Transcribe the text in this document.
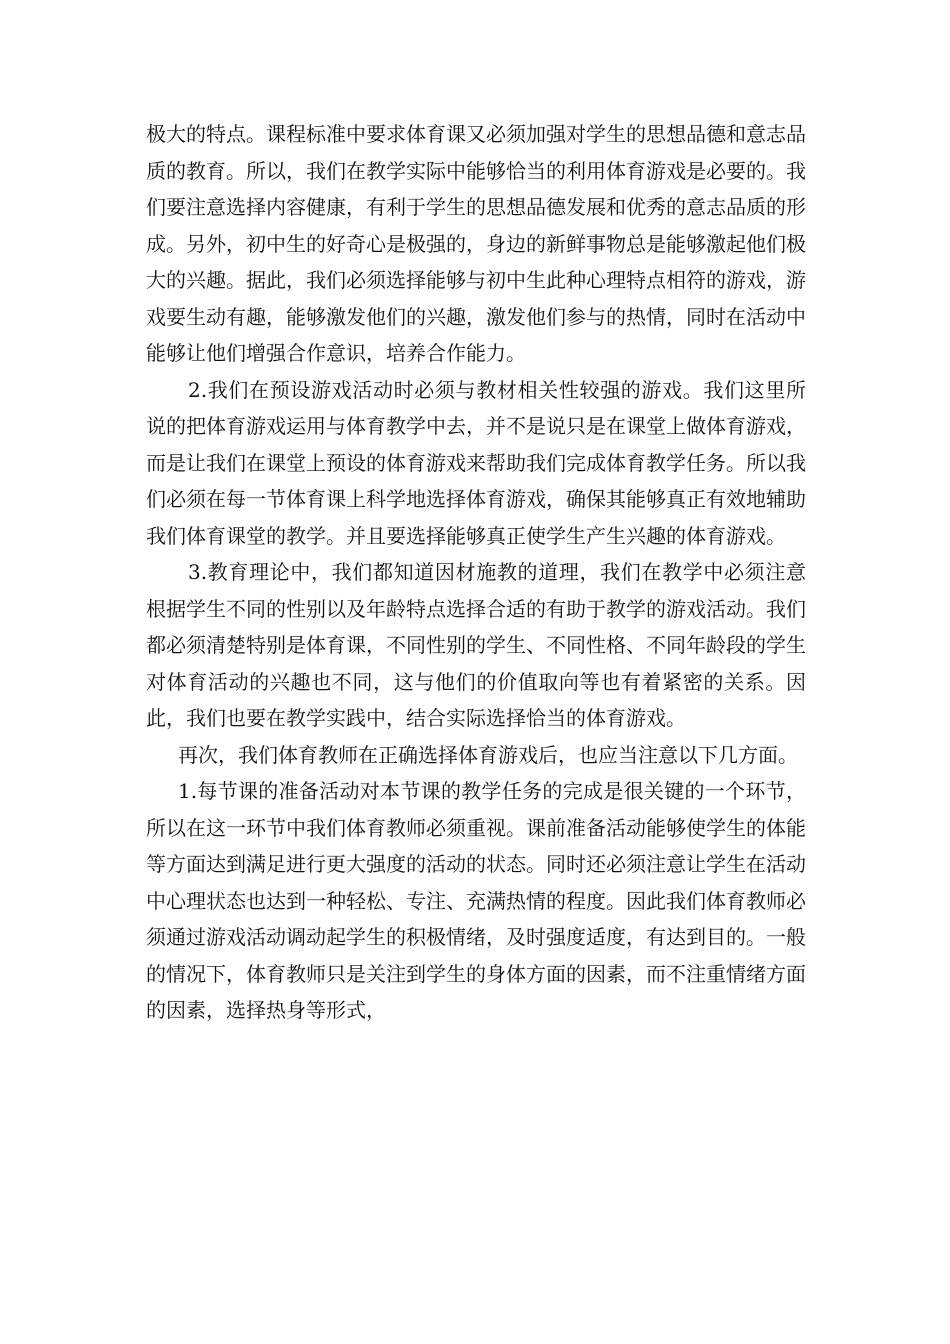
极大的特点。课程标准中要求体育课又必须加强对学生的思想品德和意志品质的教育。所以，我们在教学实际中能够恰当的利用体育游戏是必要的。我们要注意选择内容健康，有利于学生的思想品德发展和优秀的意志品质的形成。另外，初中生的好奇心是极强的，身边的新鲜事物总是能够激起他们极大的兴趣。据此，我们必须选择能够与初中生此种心理特点相符的游戏，游戏要生动有趣，能够激发他们的兴趣，激发他们参与的热情，同时在活动中能够让他们增强合作意识，培养合作能力。

2.我们在预设游戏活动时必须与教材相关性较强的游戏。我们这里所说的把体育游戏运用与体育教学中去，并不是说只是在课堂上做体育游戏，而是让我们在课堂上预设的体育游戏来帮助我们完成体育教学任务。所以我们必须在每一节体育课上科学地选择体育游戏，确保其能够真正有效地辅助我们体育课堂的教学。并且要选择能够真正使学生产生兴趣的体育游戏。

3.教育理论中，我们都知道因材施教的道理，我们在教学中必须注意根据学生不同的性别以及年龄特点选择合适的有助于教学的游戏活动。我们都必须清楚特别是体育课，不同性别的学生、不同性格、不同年龄段的学生对体育活动的兴趣也不同，这与他们的价值取向等也有着紧密的关系。因此，我们也要在教学实践中，结合实际选择恰当的体育游戏。

再次，我们体育教师在正确选择体育游戏后，也应当注意以下几方面。

1.每节课的准备活动对本节课的教学任务的完成是很关键的一个环节，所以在这一环节中我们体育教师必须重视。课前准备活动能够使学生的体能等方面达到满足进行更大强度的活动的状态。同时还必须注意让学生在活动中心理状态也达到一种轻松、专注、充满热情的程度。因此我们体育教师必须通过游戏活动调动起学生的积极情绪，及时强度适度，有达到目的。一般的情况下，体育教师只是关注到学生的身体方面的因素，而不注重情绪方面的因素，选择热身等形式，
